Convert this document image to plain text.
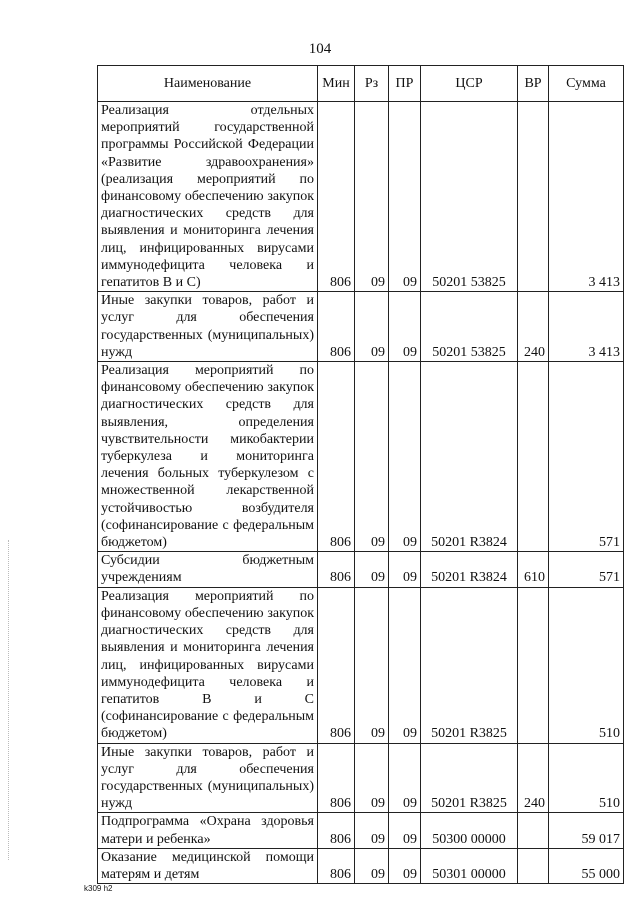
104
Наименование	Мин	Рз	ПР	ЦСР	ВР	Сумма
Реализация отдельных мероприятий государственной программы Российской Федерации «Развитие здравоохранения» (реализация мероприятий по финансовому обеспечению закупок диагностических средств для выявления и мониторинга лечения лиц, инфицированных вирусами иммунодефицита человека и гепатитов В и С)	806	09	09	50201 53825		3 413
Иные закупки товаров, работ и услуг для обеспечения государственных (муниципальных) нужд	806	09	09	50201 53825	240	3 413
Реализация мероприятий по финансовому обеспечению закупок диагностических средств для выявления, определения чувствительности микобактерии туберкулеза и мониторинга лечения больных туберкулезом с множественной лекарственной устойчивостью возбудителя (софинансирование с федеральным бюджетом)	806	09	09	50201 R3824		571
Субсидии бюджетным учреждениям	806	09	09	50201 R3824	610	571
Реализация мероприятий по финансовому обеспечению закупок диагностических средств для выявления и мониторинга лечения лиц, инфицированных вирусами иммунодефицита человека и гепатитов В и С (софинансирование с федеральным бюджетом)	806	09	09	50201 R3825		510
Иные закупки товаров, работ и услуг для обеспечения государственных (муниципальных) нужд	806	09	09	50201 R3825	240	510
Подпрограмма «Охрана здоровья матери и ребенка»	806	09	09	50300 00000		59 017
Оказание медицинской помощи матерям и детям	806	09	09	50301 00000		55 000
k309 h2
